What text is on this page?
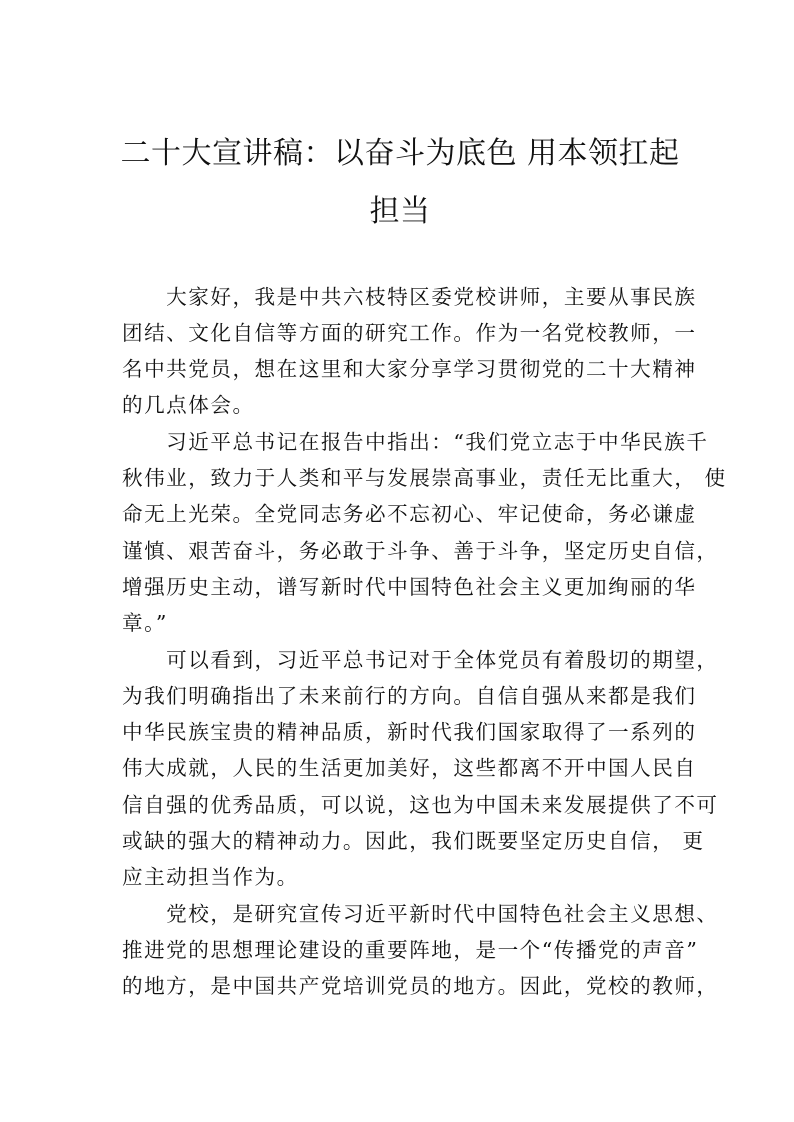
二十大宣讲稿：以奋斗为底色 用本领扛起
担当
　　大家好，我是中共六枝特区委党校讲师，主要从事民族
团结、文化自信等方面的研究工作。作为一名党校教师，一
名中共党员，想在这里和大家分享学习贯彻党的二十大精神
的几点体会。
　　习近平总书记在报告中指出：“我们党立志于中华民族千
秋伟业，致力于人类和平与发展崇高事业，责任无比重大， 使
命无上光荣。全党同志务必不忘初心、牢记使命，务必谦虚
谨慎、艰苦奋斗，务必敢于斗争、善于斗争，坚定历史自信，
增强历史主动，谱写新时代中国特色社会主义更加绚丽的华
章。”
　　可以看到，习近平总书记对于全体党员有着殷切的期望，
为我们明确指出了未来前行的方向。自信自强从来都是我们
中华民族宝贵的精神品质，新时代我们国家取得了一系列的
伟大成就，人民的生活更加美好，这些都离不开中国人民自
信自强的优秀品质，可以说，这也为中国未来发展提供了不可
或缺的强大的精神动力。因此，我们既要坚定历史自信， 更
应主动担当作为。
　　党校，是研究宣传习近平新时代中国特色社会主义思想、
推进党的思想理论建设的重要阵地，是一个“传播党的声音”
的地方，是中国共产党培训党员的地方。因此，党校的教师，
